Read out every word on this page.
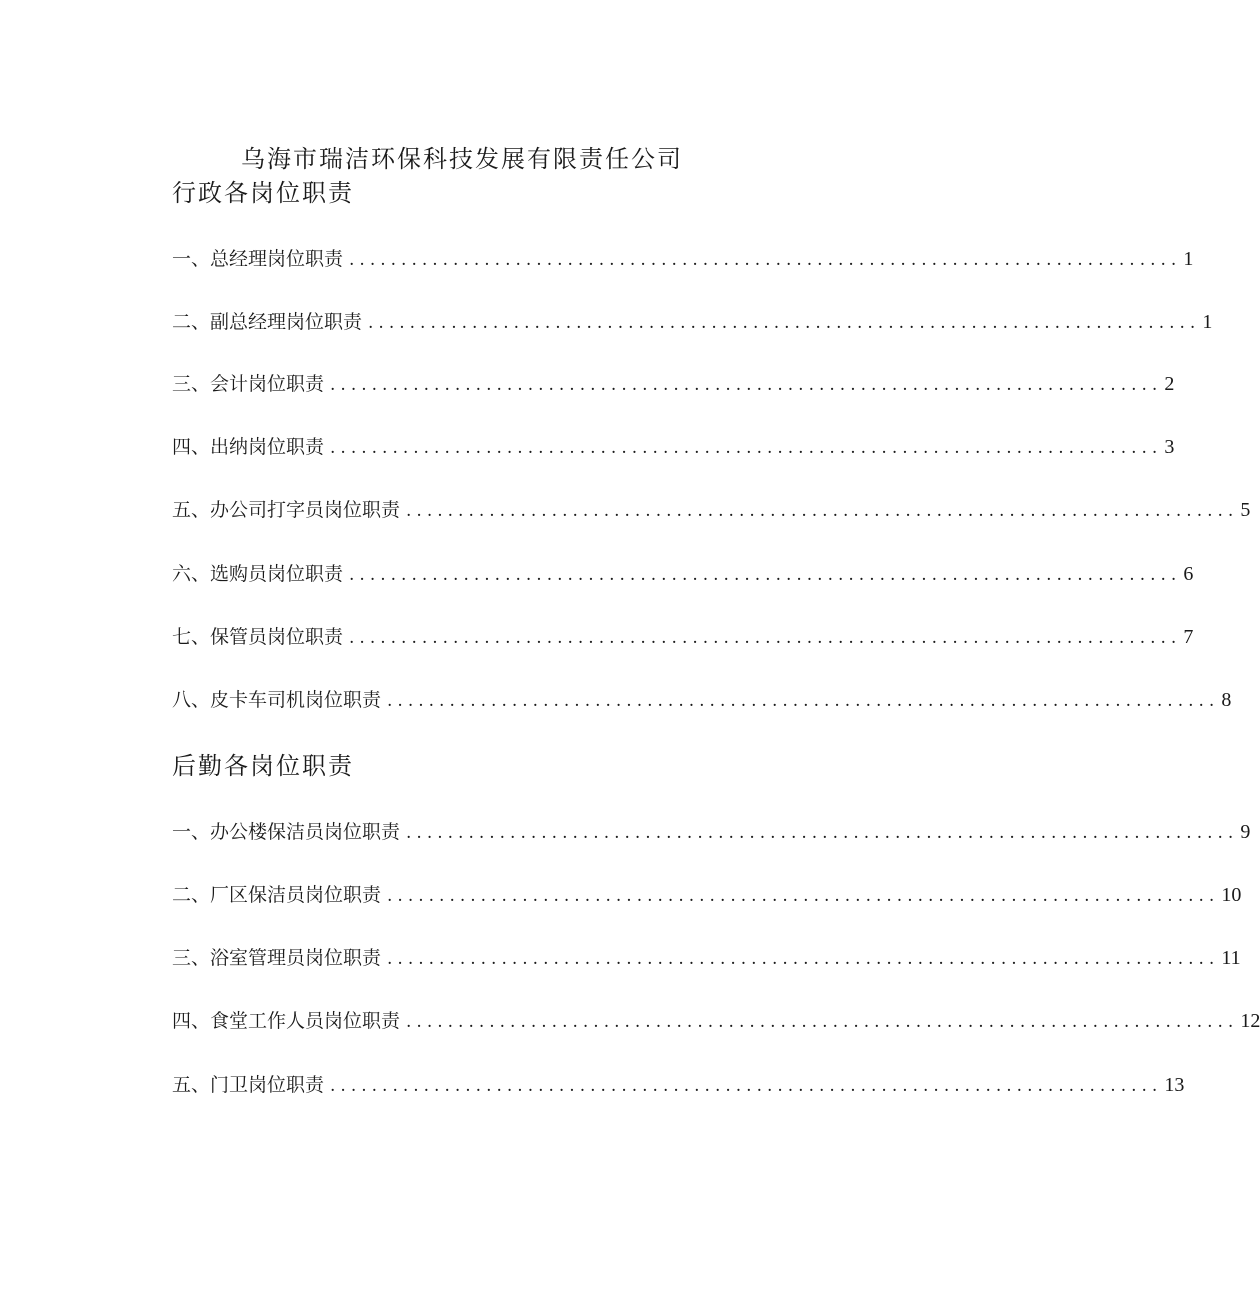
乌海市瑞洁环保科技发展有限责任公司
行政各岗位职责
一、总经理岗位职责 ................................................................................ 1
二、副总经理岗位职责 ................................................................................ 1
三、会计岗位职责 ................................................................................ 2
四、出纳岗位职责 ................................................................................ 3
五、办公司打字员岗位职责 ................................................................................ 5
六、选购员岗位职责 ................................................................................ 6
七、保管员岗位职责 ................................................................................ 7
八、皮卡车司机岗位职责 ................................................................................ 8
后勤各岗位职责
一、办公楼保洁员岗位职责 ................................................................................ 9
二、厂区保洁员岗位职责 ................................................................................ 10
三、浴室管理员岗位职责 ................................................................................ 11
四、食堂工作人员岗位职责 ................................................................................ 12
五、门卫岗位职责 ................................................................................ 13
